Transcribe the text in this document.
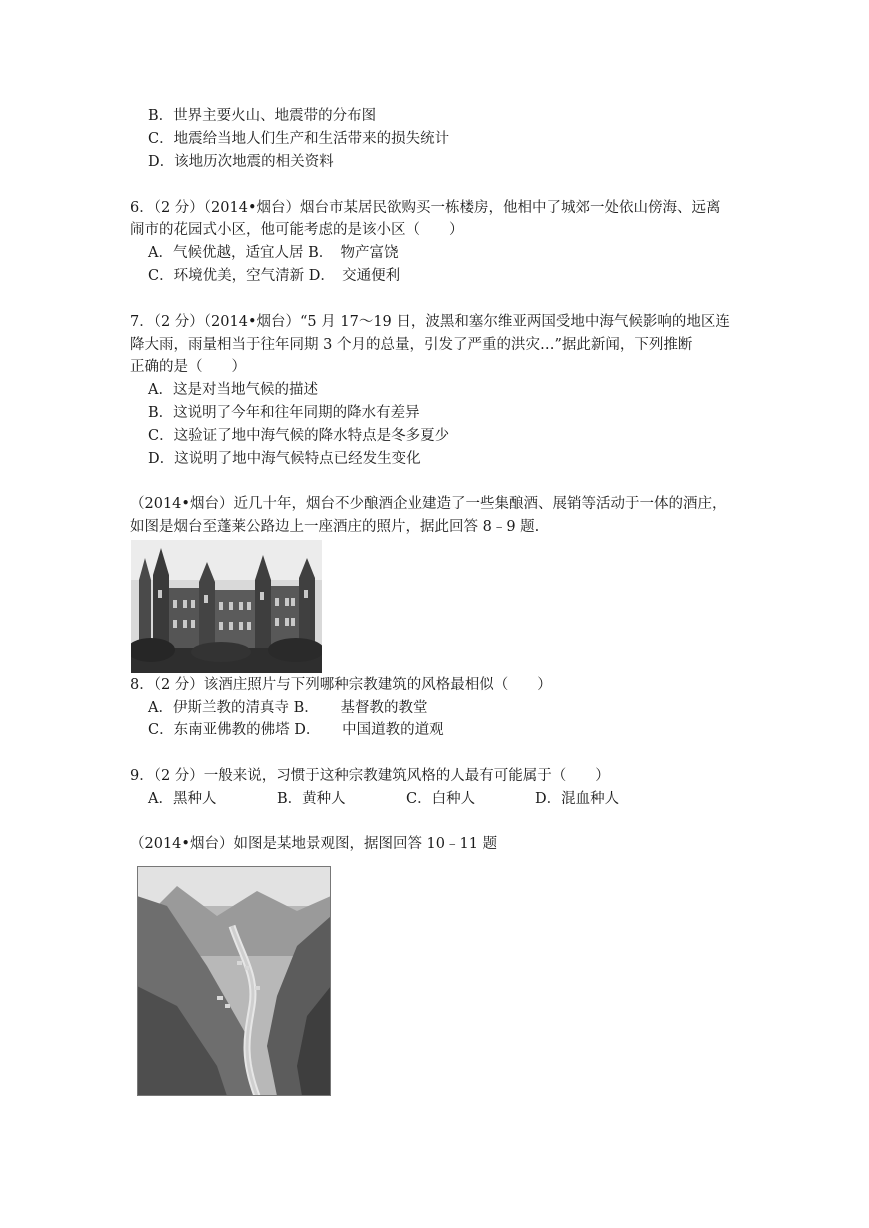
B．世界主要火山、地震带的分布图
C．地震给当地人们生产和生活带来的损失统计
D．该地历次地震的相关资料
6．（2 分）（2014•烟台）烟台市某居民欲购买一栋楼房，他相中了城郊一处依山傍海、远离
闹市的花园式小区，他可能考虑的是该小区（　　）
A．气候优越，适宜人居 B．　物产富饶
C．环境优美，空气清新 D．　交通便利
7．（2 分）（2014•烟台）“5 月 17～19 日，波黑和塞尔维亚两国受地中海气候影响的地区连
降大雨，雨量相当于往年同期 3 个月的总量，引发了严重的洪灾…”据此新闻，下列推断
正确的是（　　）
A．这是对当地气候的描述
B．这说明了今年和往年同期的降水有差异
C．这验证了地中海气候的降水特点是冬多夏少
D．这说明了地中海气候特点已经发生变化
（2014•烟台）近几十年，烟台不少酿酒企业建造了一些集酿酒、展销等活动于一体的酒庄，
如图是烟台至蓬莱公路边上一座酒庄的照片，据此回答 8﹣9 题.
8．（2 分）该酒庄照片与下列哪种宗教建筑的风格最相似（　　）
A．伊斯兰教的清真寺 B．　　基督教的教堂
C．东南亚佛教的佛塔 D．　　中国道教的道观
9．（2 分）一般来说，习惯于这种宗教建筑风格的人最有可能属于（　　）
A．黑种人	B．黄种人	C．白种人	D．混血种人
（2014•烟台）如图是某地景观图，据图回答 10﹣11 题
